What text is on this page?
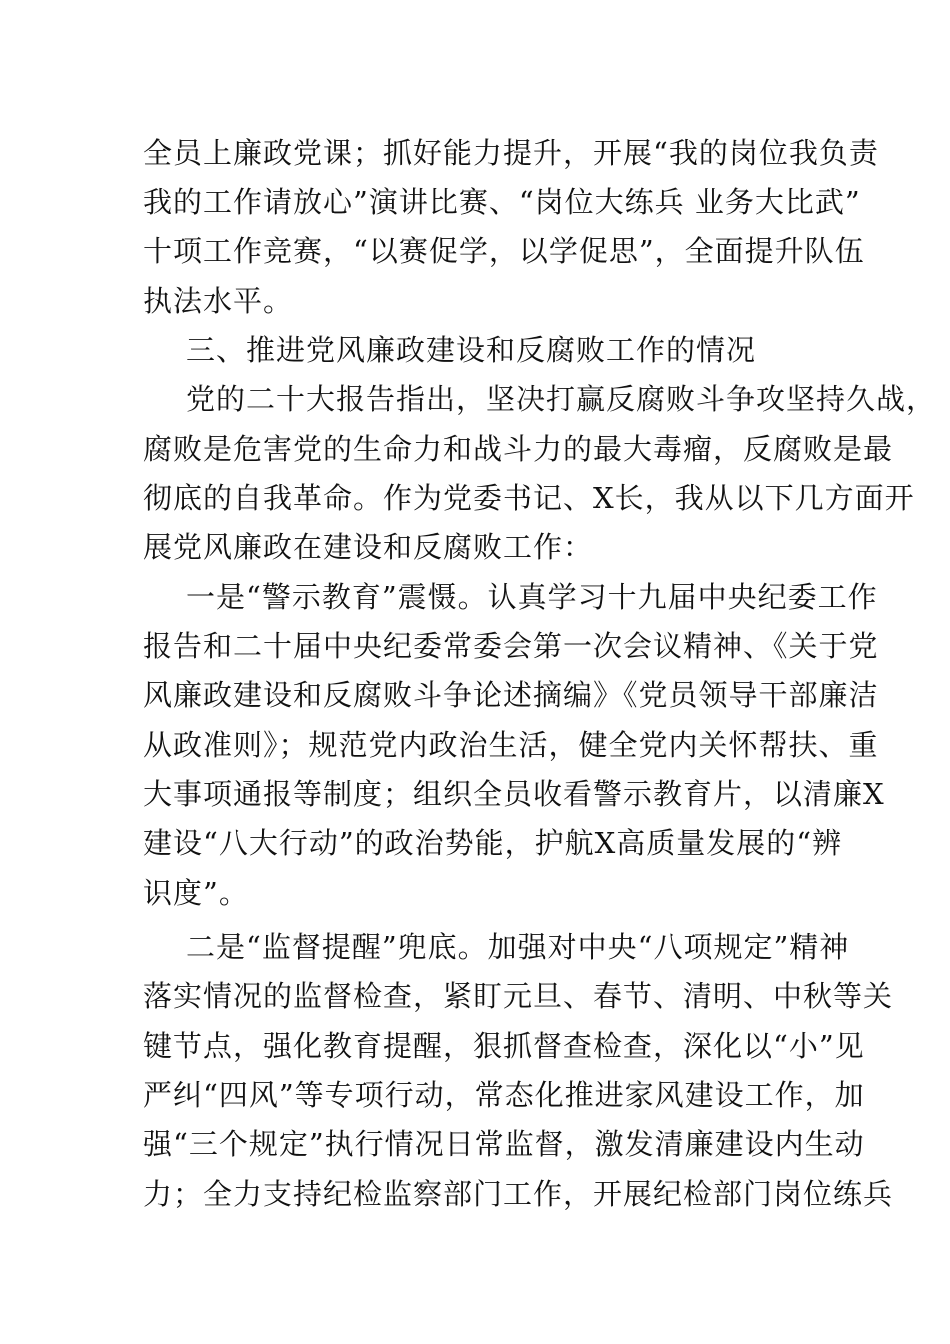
全员上廉政党课；抓好能力提升，开展“我的岗位我负责

我的工作请放心”演讲比赛、“岗位大练兵 业务大比武”

十项工作竞赛，“以赛促学，以学促思”，全面提升队伍

执法水平。

三、推进党风廉政建设和反腐败工作的情况

党的二十大报告指出，坚决打赢反腐败斗争攻坚持久战，

腐败是危害党的生命力和战斗力的最大毒瘤，反腐败是最

彻底的自我革命。作为党委书记、X长，我从以下几方面开

展党风廉政在建设和反腐败工作：

一是“警示教育”震慑。认真学习十九届中央纪委工作

报告和二十届中央纪委常委会第一次会议精神、《关于党

风廉政建设和反腐败斗争论述摘编》《党员领导干部廉洁

从政准则》；规范党内政治生活，健全党内关怀帮扶、重

大事项通报等制度；组织全员收看警示教育片，以清廉X

建设“八大行动”的政治势能，护航X高质量发展的“辨

识度”。

二是“监督提醒”兜底。加强对中央“八项规定”精神

落实情况的监督检查，紧盯元旦、春节、清明、中秋等关

键节点，强化教育提醒，狠抓督查检查，深化以“小”见

严纠“四风”等专项行动，常态化推进家风建设工作，加

强“三个规定”执行情况日常监督，激发清廉建设内生动

力；全力支持纪检监察部门工作，开展纪检部门岗位练兵
